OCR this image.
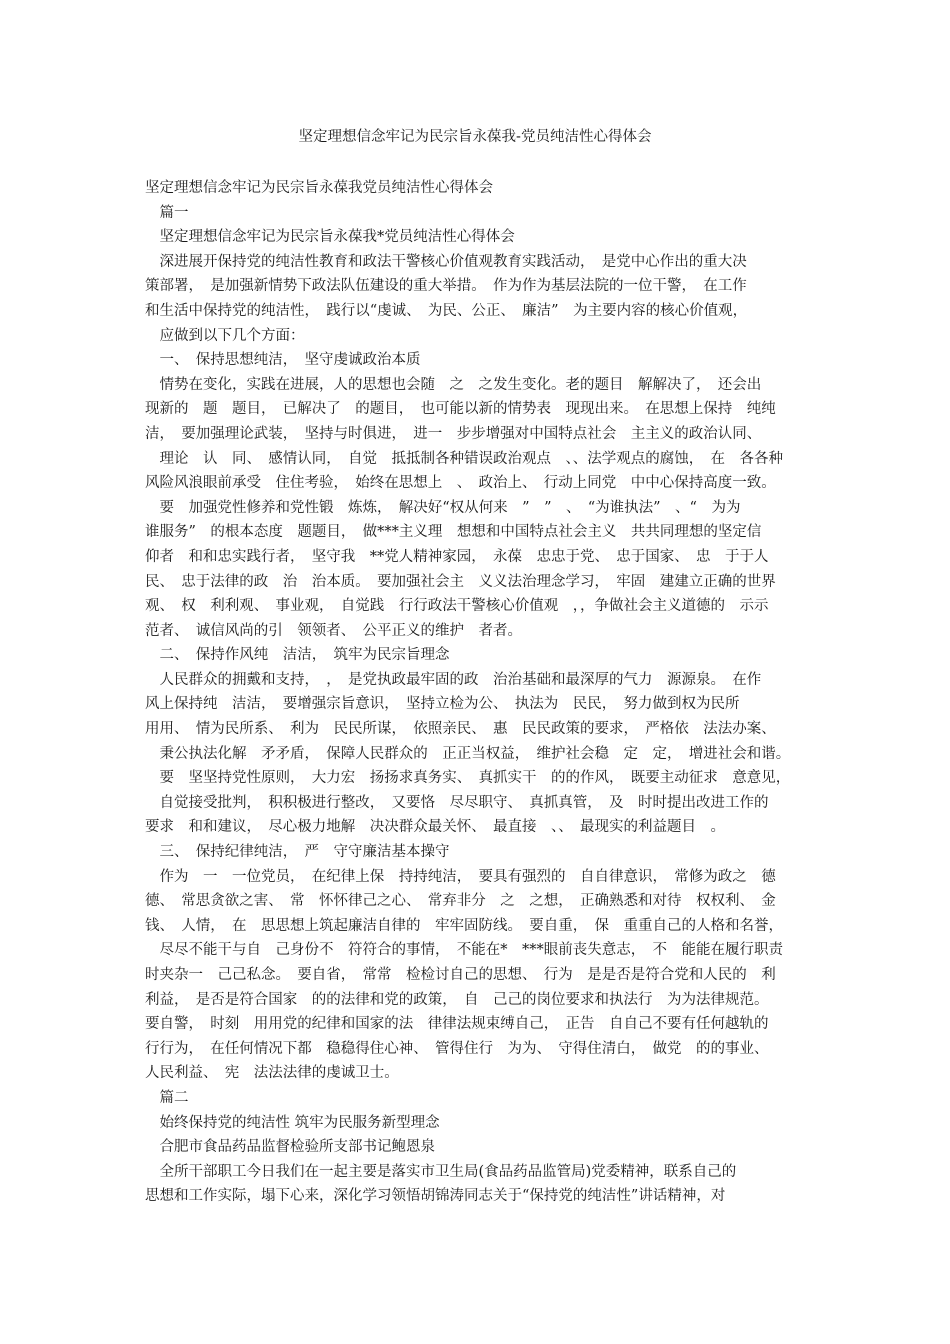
坚定理想信念牢记为民宗旨永葆我-党员纯洁性心得体会
坚定理想信念牢记为民宗旨永葆我党员纯洁性心得体会
　篇一
　坚定理想信念牢记为民宗旨永葆我*党员纯洁性心得体会
　深进展开保持党的纯洁性教育和政法干警核心价值观教育实践活动，　是党中心作出的重大决
策部署，　是加强新情势下政法队伍建设的重大举措。　作为作为基层法院的一位干警，　在工作
和生活中保持党的纯洁性，　践行以“虔诚、　为民、公正、　廉洁”　为主要内容的核心价值观，
　应做到以下几个方面：
　一、　保持思想纯洁，　坚守虔诚政治本质
　情势在变化，实践在进展，人的思想也会随　之　之发生变化。老的题目　解解决了，　还会出
现新的　题　题目，　已解决了　的题目，　也可能以新的情势表　现现出来。　在思想上保持　纯纯
洁，　要加强理论武装，　坚持与时俱进，　进一　步步增强对中国特点社会　主主义的政治认同、
　理论　认　同、　感情认同，　自觉　抵抵制各种错误政治观点　、、法学观点的腐蚀，　在　各各种
风险风浪眼前承受　住住考验，　始终在思想上　、　政治上、　行动上同党　中中心保持高度一致。
　要　加强党性修养和党性锻　炼炼，　解决好“权从何来　”　”　、　“为谁执法”　、“　为为
谁服务”　的根本态度　题题目，　做***主义理　想想和中国特点社会主义　共共同理想的坚定信
仰者　和和忠实践行者，　坚守我　**党人精神家园，　永葆　忠忠于党、　忠于国家、　忠　于于人
民、　忠于法律的政　治　治本质。　要加强社会主　义义法治理念学习，　牢固　建建立正确的世界
观、　权　利利观、　事业观，　自觉践　行行政法干警核心价值观　，，争做社会主义道德的　示示
范者、　诚信风尚的引　领领者、　公平正义的维护　者者。
　二、　保持作风纯　洁洁，　筑牢为民宗旨理念
　人民群众的拥戴和支持，　，　是党执政最牢固的政　治治基础和最深厚的气力　源源泉。　在作
风上保持纯　洁洁，　要增强宗旨意识，　坚持立检为公、　执法为　民民，　努力做到权为民所
用用、　情为民所系、　利为　民民所谋，　依照亲民、　惠　民民政策的要求，　严格依　法法办案、
　秉公执法化解　矛矛盾，　保障人民群众的　正正当权益，　维护社会稳　定　定，　增进社会和谐。
　要　坚坚持党性原则，　大力宏　扬扬求真务实、　真抓实干　的的作风，　既要主动征求　意意见，
　自觉接受批判，　积积极进行整改，　又要恪　尽尽职守、　真抓真管，　及　时时提出改进工作的
要求　和和建议，　尽心极力地解　决决群众最关怀、　最直接　、、　最现实的利益题目　。
　三、　保持纪律纯洁，　严　守守廉洁基本操守
　作为　一　一位党员，　在纪律上保　持持纯洁，　要具有强烈的　自自律意识，　常修为政之　德
德、　常思贪欲之害、　常　怀怀律己之心、　常弃非分　之　之想，　正确熟悉和对待　权权利、　金
钱、　人情，　在　思思想上筑起廉洁自律的　牢牢固防线。　要自重，　保　重重自己的人格和名誉，
　尽尽不能干与自　己身份不　符符合的事情，　不能在*　***眼前丧失意志，　不　能能在履行职责
时夹杂一　己己私念。　要自省，　常常　检检讨自己的思想、　行为　是是否是符合党和人民的　利
利益，　是否是符合国家　的的法律和党的政策，　自　己己的岗位要求和执法行　为为法律规范。
要自警，　时刻　用用党的纪律和国家的法　律律法规束缚自己，　正告　自自己不要有任何越轨的
行行为，　在任何情况下都　稳稳得住心神、　管得住行　为为、　守得住清白，　做党　的的事业、
人民利益、　宪　法法法律的虔诚卫士。
　篇二
　始终保持党的纯洁性 筑牢为民服务新型理念
　合肥市食品药品监督检验所支部书记鲍恩泉
　全所干部职工今日我们在一起主要是落实市卫生局(食品药品监管局)党委精神，联系自己的
思想和工作实际，塌下心来，深化学习领悟胡锦涛同志关于“保持党的纯洁性”讲话精神，对
